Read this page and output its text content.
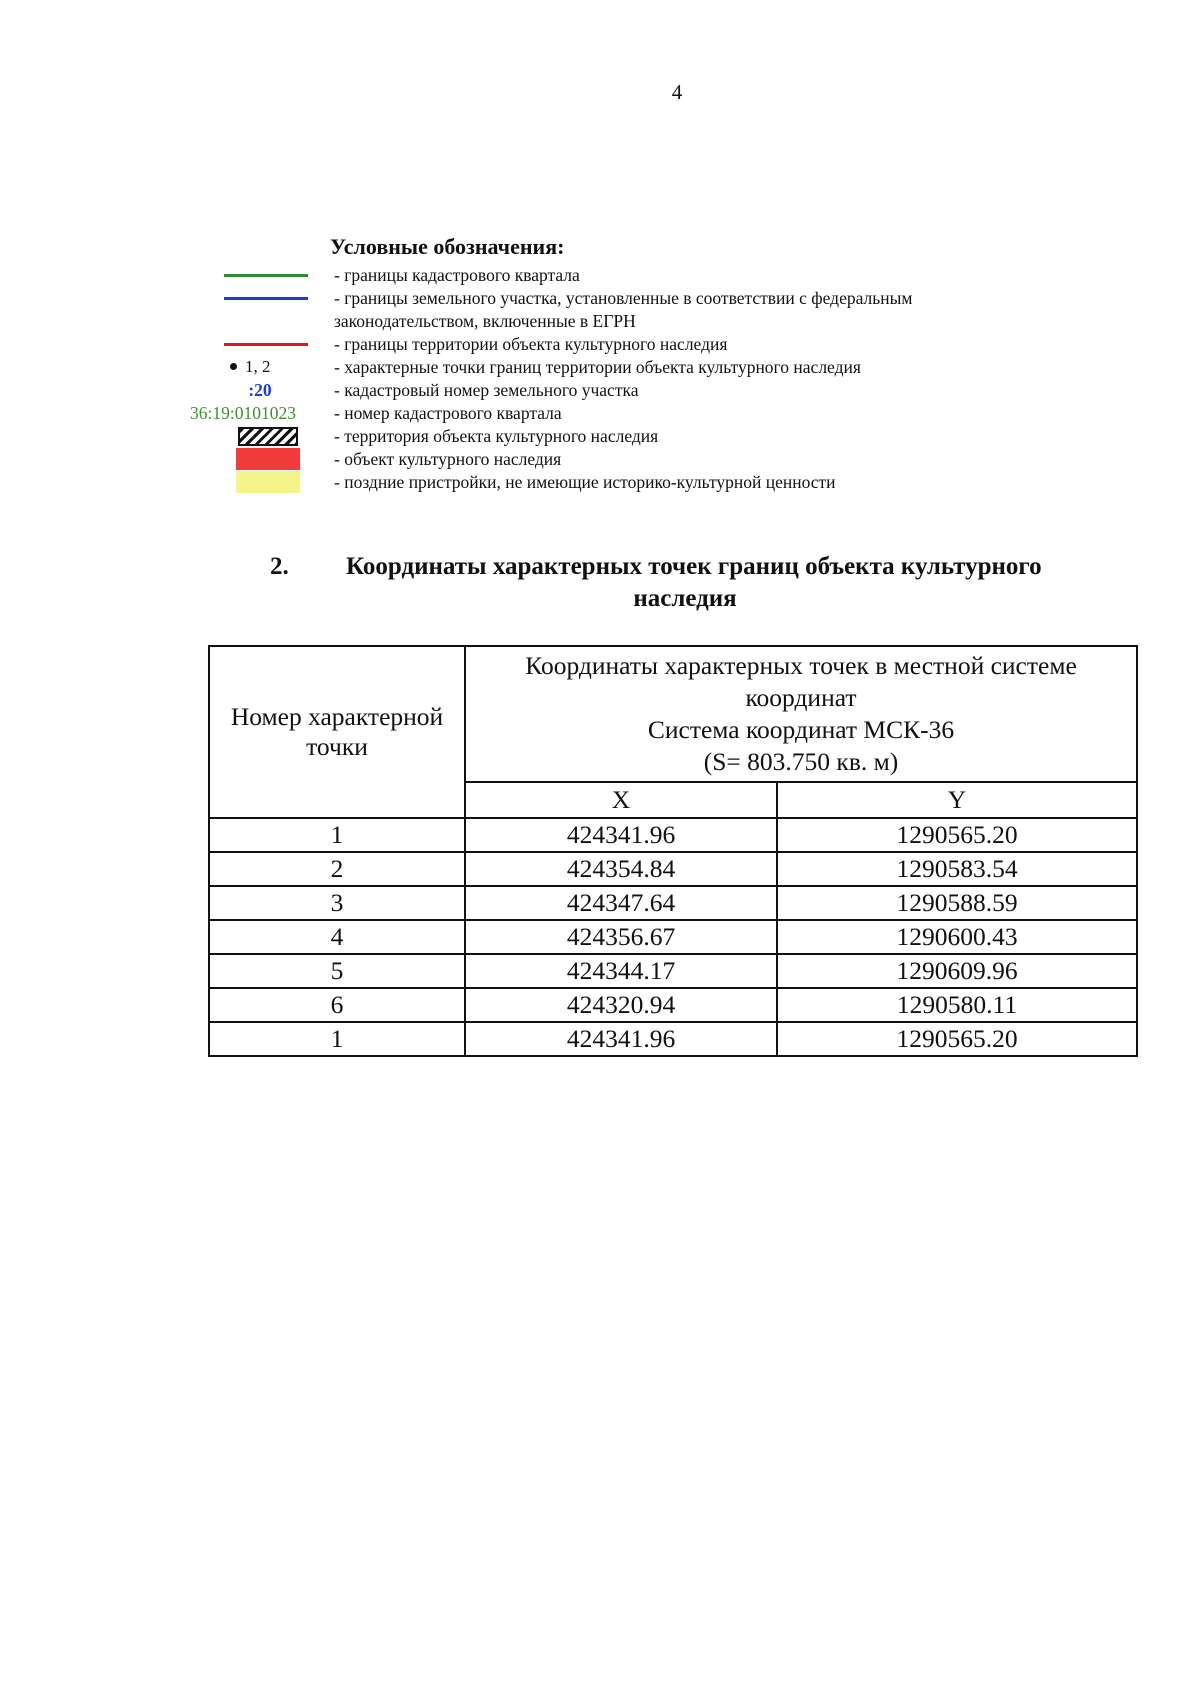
4
Условные обозначения:
- границы кадастрового квартала
- границы земельного участка, установленные в соответствии с федеральным
законодательством, включенные в ЕГРН
- границы территории объекта культурного наследия
1, 2	- характерные точки границ территории объекта культурного наследия
:20	- кадастровый номер земельного участка
36:19:0101023 - номер кадастрового квартала
- территория объекта культурного наследия
- объект культурного наследия
- поздние пристройки, не имеющие историко-культурной ценности
2. Координаты характерных точек границ объекта культурного
наследия
Номер характерной точки	Координаты характерных точек в местной системе
координат
Система координат МСК-36
(S= 803.750 кв. м)	

	X	Y
1	424341.96	1290565.20
2	424354.84	1290583.54
3	424347.64	1290588.59
4	424356.67	1290600.43
5	424344.17	1290609.96
6	424320.94	1290580.11
1	424341.96	1290565.20
